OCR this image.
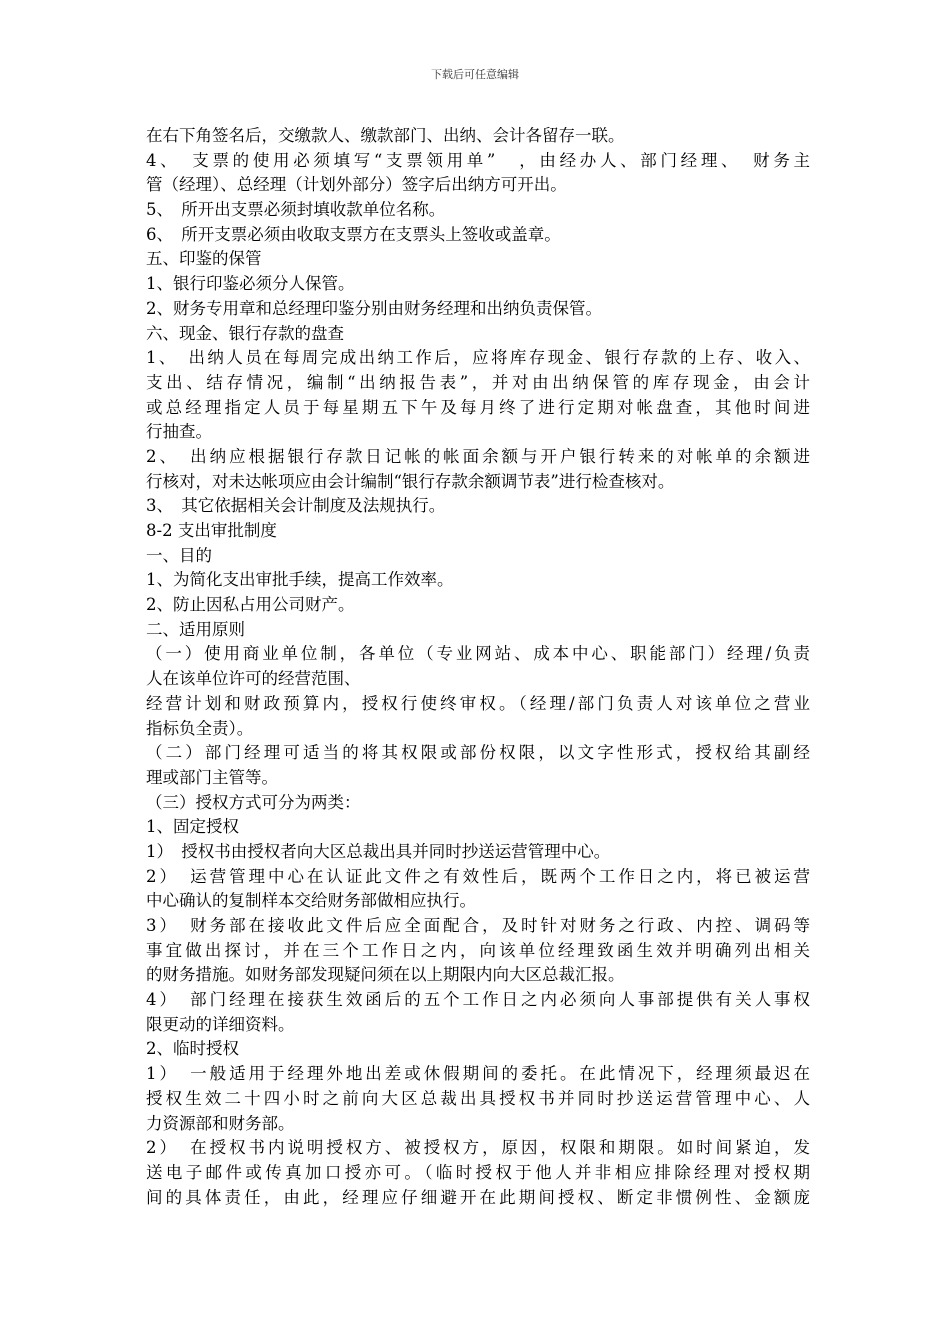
下载后可任意编辑
在右下角签名后，交缴款人、缴款部门、出纳、会计各留存一联。
4、　支票的使用必须填写“支票领用单”　，由经办人、部门经理、　财务主
管（经理）、总经理（计划外部分）签字后出纳方可开出。
5、　所开出支票必须封填收款单位名称。
6、　所开支票必须由收取支票方在支票头上签收或盖章。
五、印鉴的保管
1、银行印鉴必须分人保管。
2、财务专用章和总经理印鉴分别由财务经理和出纳负责保管。
六、现金、银行存款的盘查
1、　出纳人员在每周完成出纳工作后，应将库存现金、银行存款的上存、收入、
支出、结存情况，编制“出纳报告表”，并对由出纳保管的库存现金，由会计
或总经理指定人员于每星期五下午及每月终了进行定期对帐盘查，其他时间进
行抽查。
2、　出纳应根据银行存款日记帐的帐面余额与开户银行转来的对帐单的余额进
行核对，对未达帐项应由会计编制“银行存款余额调节表”进行检查核对。
3、　其它依据相关会计制度及法规执行。
8-2 支出审批制度
一、目的
1、为简化支出审批手续，提高工作效率。
2、防止因私占用公司财产。
二、适用原则
（一）使用商业单位制，各单位（专业网站、成本中心、职能部门）经理/负责
人在该单位许可的经营范围、
经营计划和财政预算内，授权行使终审权。（经理/部门负责人对该单位之营业
指标负全责）。
（二）部门经理可适当的将其权限或部份权限，以文字性形式，授权给其副经
理或部门主管等。
（三）授权方式可分为两类：
1、固定授权
1）　授权书由授权者向大区总裁出具并同时抄送运营管理中心。
2）　运营管理中心在认证此文件之有效性后，既两个工作日之内，将已被运营
中心确认的复制样本交给财务部做相应执行。
3）　财务部在接收此文件后应全面配合，及时针对财务之行政、内控、调码等
事宜做出探讨，并在三个工作日之内，向该单位经理致函生效并明确列出相关
的财务措施。如财务部发现疑问须在以上期限内向大区总裁汇报。
4）　部门经理在接获生效函后的五个工作日之内必须向人事部提供有关人事权
限更动的详细资料。
2、临时授权
1）　一般适用于经理外地出差或休假期间的委托。在此情况下，经理须最迟在
授权生效二十四小时之前向大区总裁出具授权书并同时抄送运营管理中心、人
力资源部和财务部。
2）　在授权书内说明授权方、被授权方，原因，权限和期限。如时间紧迫，发
送电子邮件或传真加口授亦可。（临时授权于他人并非相应排除经理对授权期
间的具体责任，由此，经理应仔细避开在此期间授权、断定非惯例性、金额庞
